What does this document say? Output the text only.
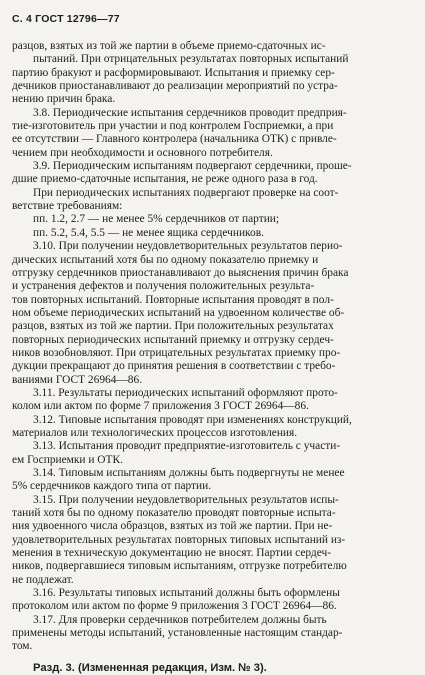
С. 4 ГОСТ 12796—77
разцов, взятых из той же партии в объеме приемо-сдаточных ис-
пытаний. При отрицательных результатах повторных испытаний
партию бракуют и расформировывают. Испытания и приемку сер-
дечников приостанавливают до реализации мероприятий по устра-
нению причин брака.
3.8. Периодические испытания сердечников проводит предприя-
тие-изготовитель при участии и под контролем Госприемки, а при
ее отсутствии — Главного контролера (начальника ОТК) с привле-
чением при необходимости и основного потребителя.
3.9. Периодическим испытаниям подвергают сердечники, проше-
дшие приемо-сдаточные испытания, не реже одного раза в год.
При периодических испытаниях подвергают проверке на соот-
ветствие требованиям:
пп. 1.2, 2.7 — не менее 5% сердечников от партии;
пп. 5.2, 5.4, 5.5 — не менее ящика сердечников.
3.10. При получении неудовлетворительных результатов перио-
дических испытаний хотя бы по одному показателю приемку и
отгрузку сердечников приостанавливают до выяснения причин брака
и устранения дефектов и получения положительных результа-
тов повторных испытаний. Повторные испытания проводят в пол-
ном объеме периодических испытаний на удвоенном количестве об-
разцов, взятых из той же партии. При положительных результатах
повторных периодических испытаний приемку и отгрузку сердеч-
ников возобновляют. При отрицательных результатах приемку про-
дукции прекращают до принятия решения в соответствии с требо-
ваниями ГОСТ 26964—86.
3.11. Результаты периодических испытаний оформляют прото-
колом или актом по форме 7 приложения 3 ГОСТ 26964—86.
3.12. Типовые испытания проводят при изменениях конструкций,
материалов или технологических процессов изготовления.
3.13. Испытания проводит предприятие-изготовитель с участи-
ем Госприемки и ОТК.
3.14. Типовым испытаниям должны быть подвергнуты не менее
5% сердечников каждого типа от партии.
3.15. При получении неудовлетворительных результатов испы-
таний хотя бы по одному показателю проводят повторные испыта-
ния удвоенного числа образцов, взятых из той же партии. При не-
удовлетворительных результатах повторных типовых испытаний из-
менения в техническую документацию не вносят. Партии сердеч-
ников, подвергавшиеся типовым испытаниям, отгрузке потребителю
не подлежат.
3.16. Результаты типовых испытаний должны быть оформлены
протоколом или актом по форме 9 приложения 3 ГОСТ 26964—86.
3.17. Для проверки сердечников потребителем должны быть
применены методы испытаний, установленные настоящим стандар-
том.
Разд. 3. (Измененная редакция, Изм. № 3).
